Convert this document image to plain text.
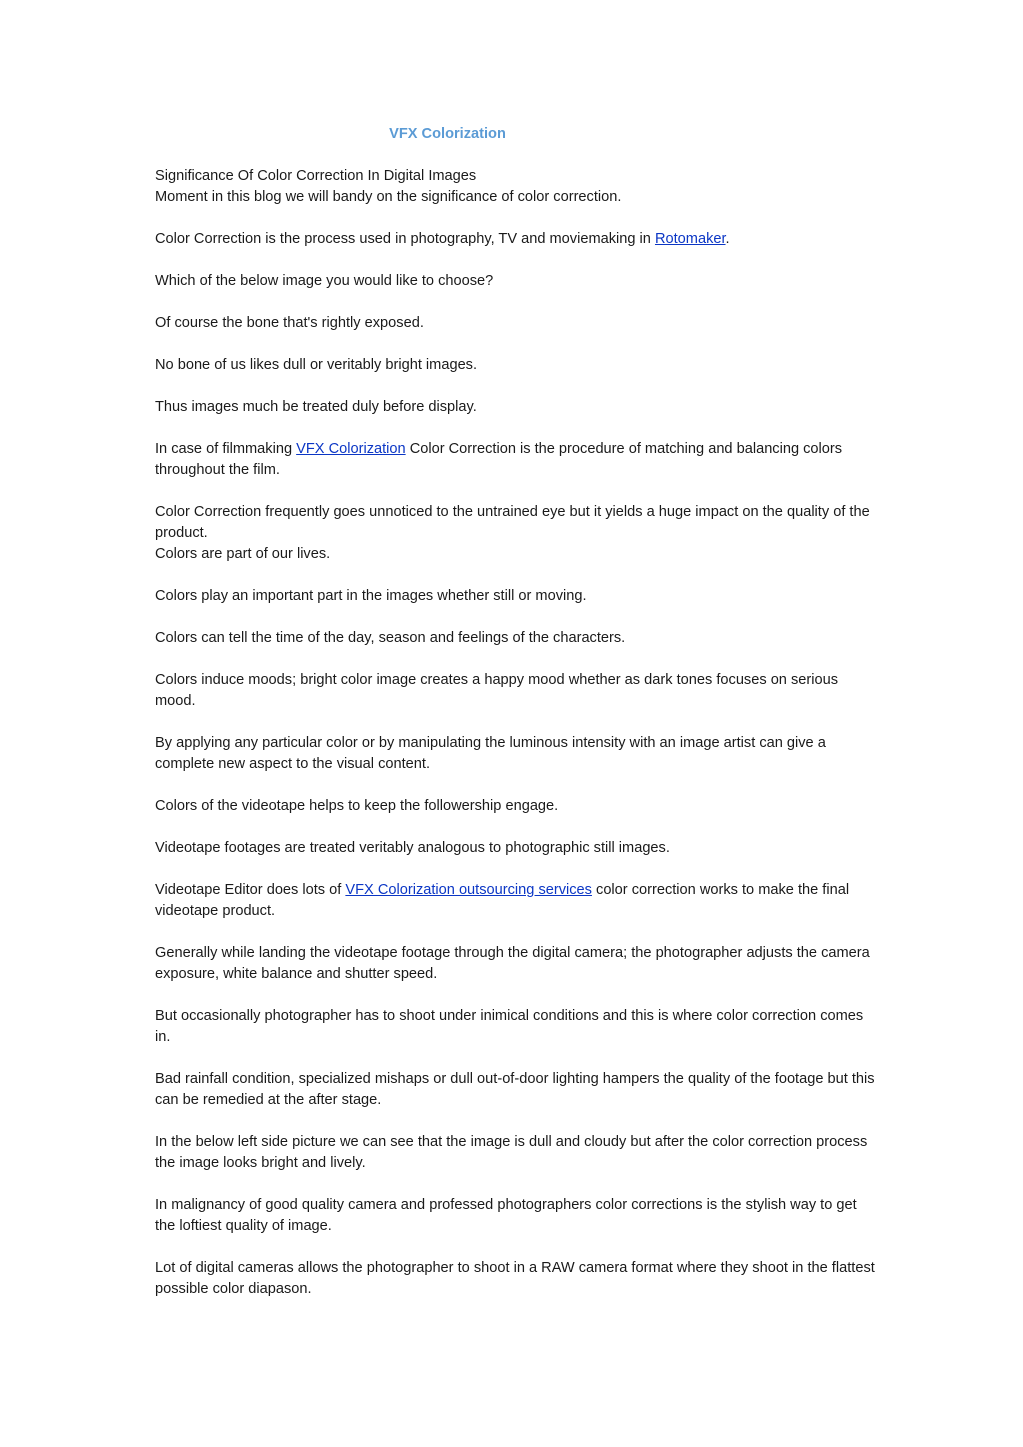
VFX Colorization
Significance Of Color Correction In Digital Images
Moment in this blog we will bandy on the significance of color correction.
Color Correction is the process used in photography, TV and moviemaking in Rotomaker.
Which of the below image you would like to choose?
Of course the bone that's rightly exposed.
No bone of us likes dull or veritably bright images.
Thus images much be treated duly before display.
In case of filmmaking VFX Colorization Color Correction is the procedure of matching and balancing colors throughout the film.
Color Correction frequently goes unnoticed to the untrained eye but it yields a huge impact on the quality of the product.
Colors are part of our lives.
Colors play an important part in the images whether still or moving.
Colors can tell the time of the day, season and feelings of the characters.
Colors induce moods; bright color image creates a happy mood whether as dark tones focuses on serious mood.
By applying any particular color or by manipulating the luminous intensity with an image artist can give a complete new aspect to the visual content.
Colors of the videotape helps to keep the followership engage.
Videotape footages are treated veritably analogous to photographic still images.
Videotape Editor does lots of VFX Colorization outsourcing services color correction works to make the final videotape product.
Generally while landing the videotape footage through the digital camera; the photographer adjusts the camera exposure, white balance and shutter speed.
But occasionally photographer has to shoot under inimical conditions and this is where color correction comes in.
Bad rainfall condition, specialized mishaps or dull out-of-door lighting hampers the quality of the footage but this can be remedied at the after stage.
In the below left side picture we can see that the image is dull and cloudy but after the color correction process the image looks bright and lively.
In malignancy of good quality camera and professed photographers color corrections is the stylish way to get the loftiest quality of image.
Lot of digital cameras allows the photographer to shoot in a RAW camera format where they shoot in the flattest possible color diapason.
